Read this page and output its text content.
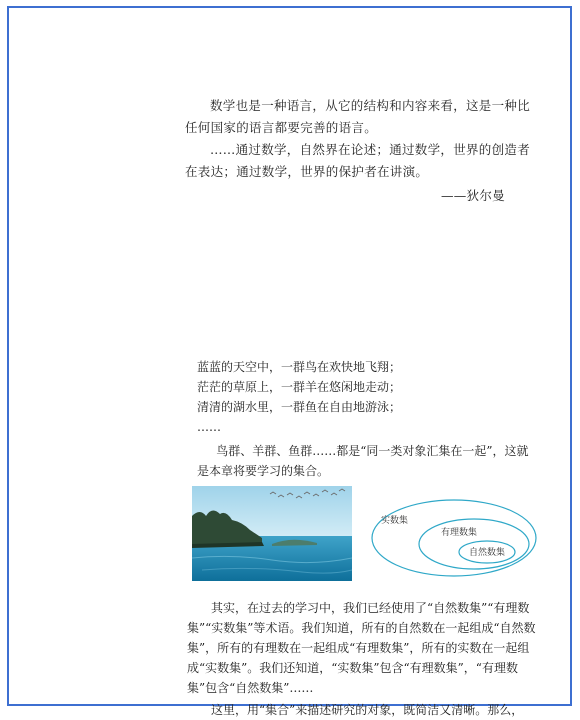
数学也是一种语言，从它的结构和内容来看，这是一种比任何国家的语言都要完善的语言。

……通过数学，自然界在论述；通过数学，世界的创造者在表达；通过数学，世界的保护者在讲演。

——狄尔曼

蓝蓝的天空中，一群鸟在欢快地飞翔；

茫茫的草原上，一群羊在悠闲地走动；

清清的湖水里，一群鱼在自由地游泳；

……

鸟群、羊群、鱼群……都是“同一类对象汇集在一起”，这就是本章将要学习的集合。

实数集
有理数集
自然数集

其实，在过去的学习中，我们已经使用了“自然数集”“有理数集”“实数集”等术语。我们知道，所有的自然数在一起组成“自然数集”，所有的有理数在一起组成“有理数集”，所有的实数在一起组成“实数集”。我们还知道，“实数集”包含“有理数集”，“有理数集”包含“自然数集”……

这里，用“集合”来描述研究的对象，既简洁又清晰。那么，
